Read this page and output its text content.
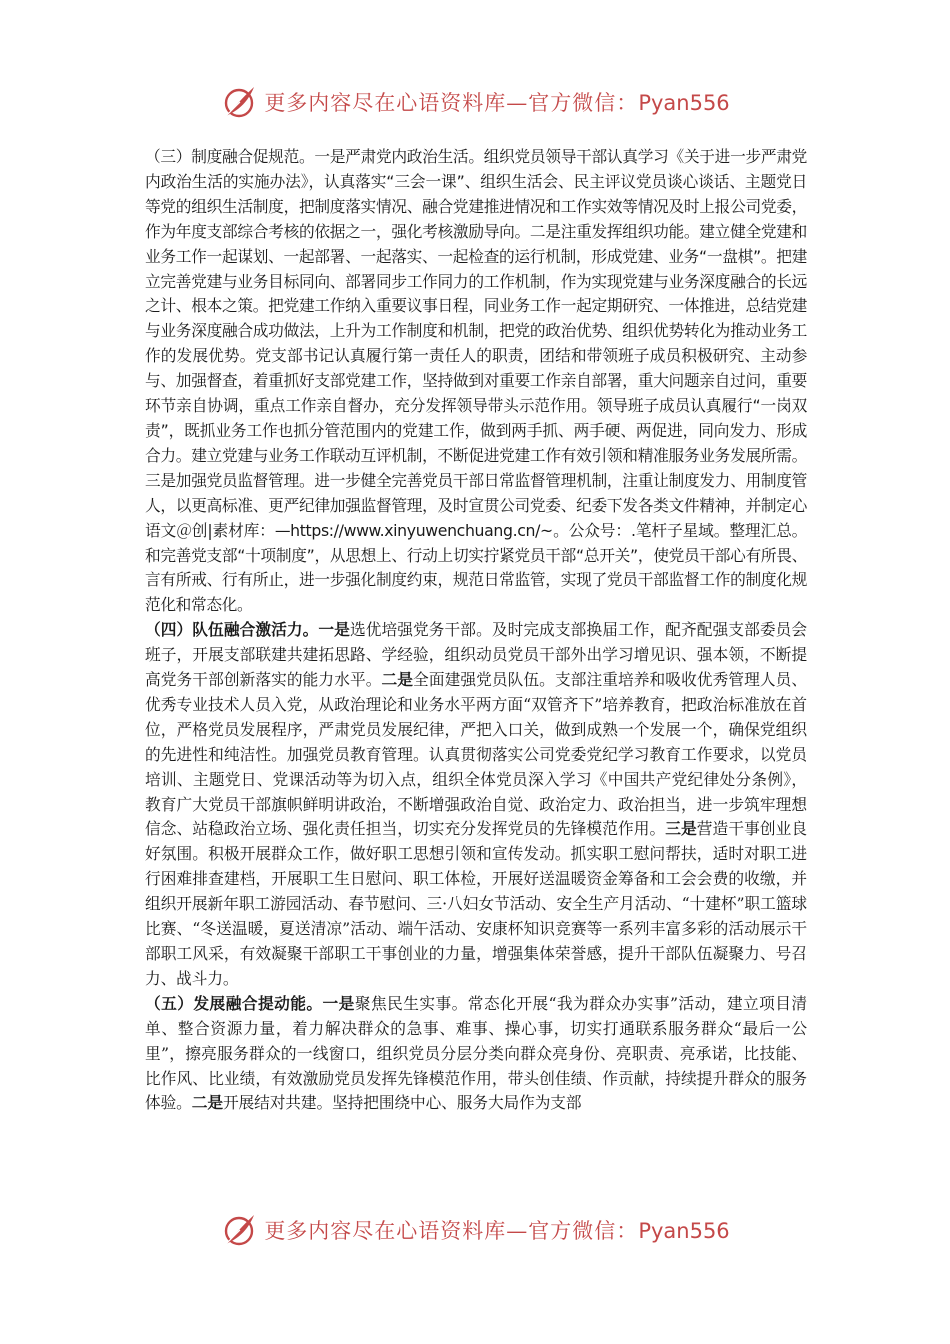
更多内容尽在心语资料库—官方微信：Pyan556

（三）制度融合促规范。一是严肃党内政治生活。组织党员领导干部认真学习《关于进一步严肃党内政治生活的实施办法》，认真落实“三会一课”、组织生活会、民主评议党员谈心谈话、主题党日等党的组织生活制度，把制度落实情况、融合党建推进情况和工作实效等情况及时上报公司党委，作为年度支部综合考核的依据之一，强化考核激励导向。二是注重发挥组织功能。建立健全党建和业务工作一起谋划、一起部署、一起落实、一起检查的运行机制，形成党建、业务“一盘棋”。把建立完善党建与业务目标同向、部署同步工作同力的工作机制，作为实现党建与业务深度融合的长远之计、根本之策。把党建工作纳入重要议事日程，同业务工作一起定期研究、一体推进，总结党建与业务深度融合成功做法，上升为工作制度和机制，把党的政治优势、组织优势转化为推动业务工作的发展优势。党支部书记认真履行第一责任人的职责，团结和带领班子成员积极研究、主动参与、加强督查，着重抓好支部党建工作，坚持做到对重要工作亲自部署，重大问题亲自过问，重要环节亲自协调，重点工作亲自督办，充分发挥领导带头示范作用。领导班子成员认真履行“一岗双责”，既抓业务工作也抓分管范围内的党建工作，做到两手抓、两手硬、两促进，同向发力、形成合力。建立党建与业务工作联动互评机制，不断促进党建工作有效引领和精准服务业务发展所需。三是加强党员监督管理。进一步健全完善党员干部日常监督管理机制，注重让制度发力、用制度管人，以更高标准、更严纪律加强监督管理，及时宣贯公司党委、纪委下发各类文件精神，并制定心语文＠创|素材库：—https://www.xinyuwenchuang.cn/~。公众号：.笔杆子星域。整理汇总。和完善党支部“十项制度”，从思想上、行动上切实拧紧党员干部“总开关”，使党员干部心有所畏、言有所戒、行有所止，进一步强化制度约束，规范日常监管，实现了党员干部监督工作的制度化规范化和常态化。

（四）队伍融合激活力。一是选优培强党务干部。及时完成支部换届工作，配齐配强支部委员会班子，开展支部联建共建拓思路、学经验，组织动员党员干部外出学习增见识、强本领，不断提高党务干部创新落实的能力水平。二是全面建强党员队伍。支部注重培养和吸收优秀管理人员、优秀专业技术人员入党，从政治理论和业务水平两方面“双管齐下”培养教育，把政治标准放在首位，严格党员发展程序，严肃党员发展纪律，严把入口关，做到成熟一个发展一个，确保党组织的先进性和纯洁性。加强党员教育管理。认真贯彻落实公司党委党纪学习教育工作要求，以党员培训、主题党日、党课活动等为切入点，组织全体党员深入学习《中国共产党纪律处分条例》，教育广大党员干部旗帜鲜明讲政治，不断增强政治自觉、政治定力、政治担当，进一步筑牢理想信念、站稳政治立场、强化责任担当，切实充分发挥党员的先锋模范作用。三是营造干事创业良好氛围。积极开展群众工作，做好职工思想引领和宣传发动。抓实职工慰问帮扶，适时对职工进行困难排查建档，开展职工生日慰问、职工体检，开展好送温暖资金筹备和工会会费的收缴，并组织开展新年职工游园活动、春节慰问、三·八妇女节活动、安全生产月活动、“十建杯”职工篮球比赛、“冬送温暖，夏送清凉”活动、端午活动、安康杯知识竞赛等一系列丰富多彩的活动展示干部职工风采，有效凝聚干部职工干事创业的力量，增强集体荣誉感，提升干部队伍凝聚力、号召力、战斗力。

（五）发展融合提动能。一是聚焦民生实事。常态化开展“我为群众办实事”活动，建立项目清单、整合资源力量，着力解决群众的急事、难事、操心事，切实打通联系服务群众“最后一公里”，擦亮服务群众的一线窗口，组织党员分层分类向群众亮身份、亮职责、亮承诺，比技能、比作风、比业绩，有效激励党员发挥先锋模范作用，带头创佳绩、作贡献，持续提升群众的服务体验。二是开展结对共建。坚持把围绕中心、服务大局作为支部

更多内容尽在心语资料库—官方微信：Pyan556
